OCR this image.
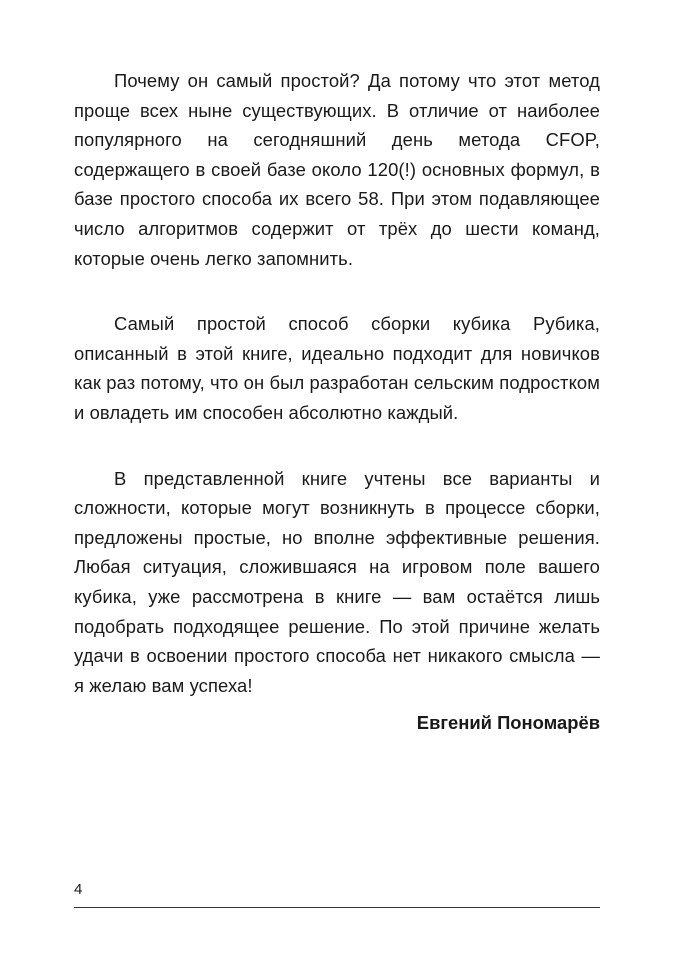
Почему он самый простой? Да потому что этот метод проще всех ныне существующих. В отличие от наиболее популярного на сегодняшний день метода CFOP, содержащего в своей базе около 120(!) основных формул, в базе простого способа их всего 58. При этом подавляющее число алгоритмов содержит от трёх до шести команд, которые очень легко запомнить.

Самый простой способ сборки кубика Рубика, описанный в этой книге, идеально подходит для новичков как раз потому, что он был разработан сельским подростком и овладеть им способен абсолютно каждый.

В представленной книге учтены все варианты и сложности, которые могут возникнуть в процессе сборки, предложены простые, но вполне эффективные решения. Любая ситуация, сложившаяся на игровом поле вашего кубика, уже рассмотрена в книге — вам остаётся лишь подобрать подходящее решение. По этой причине желать удачи в освоении простого способа нет никакого смысла — я желаю вам успеха!

Евгений Пономарёв
4
